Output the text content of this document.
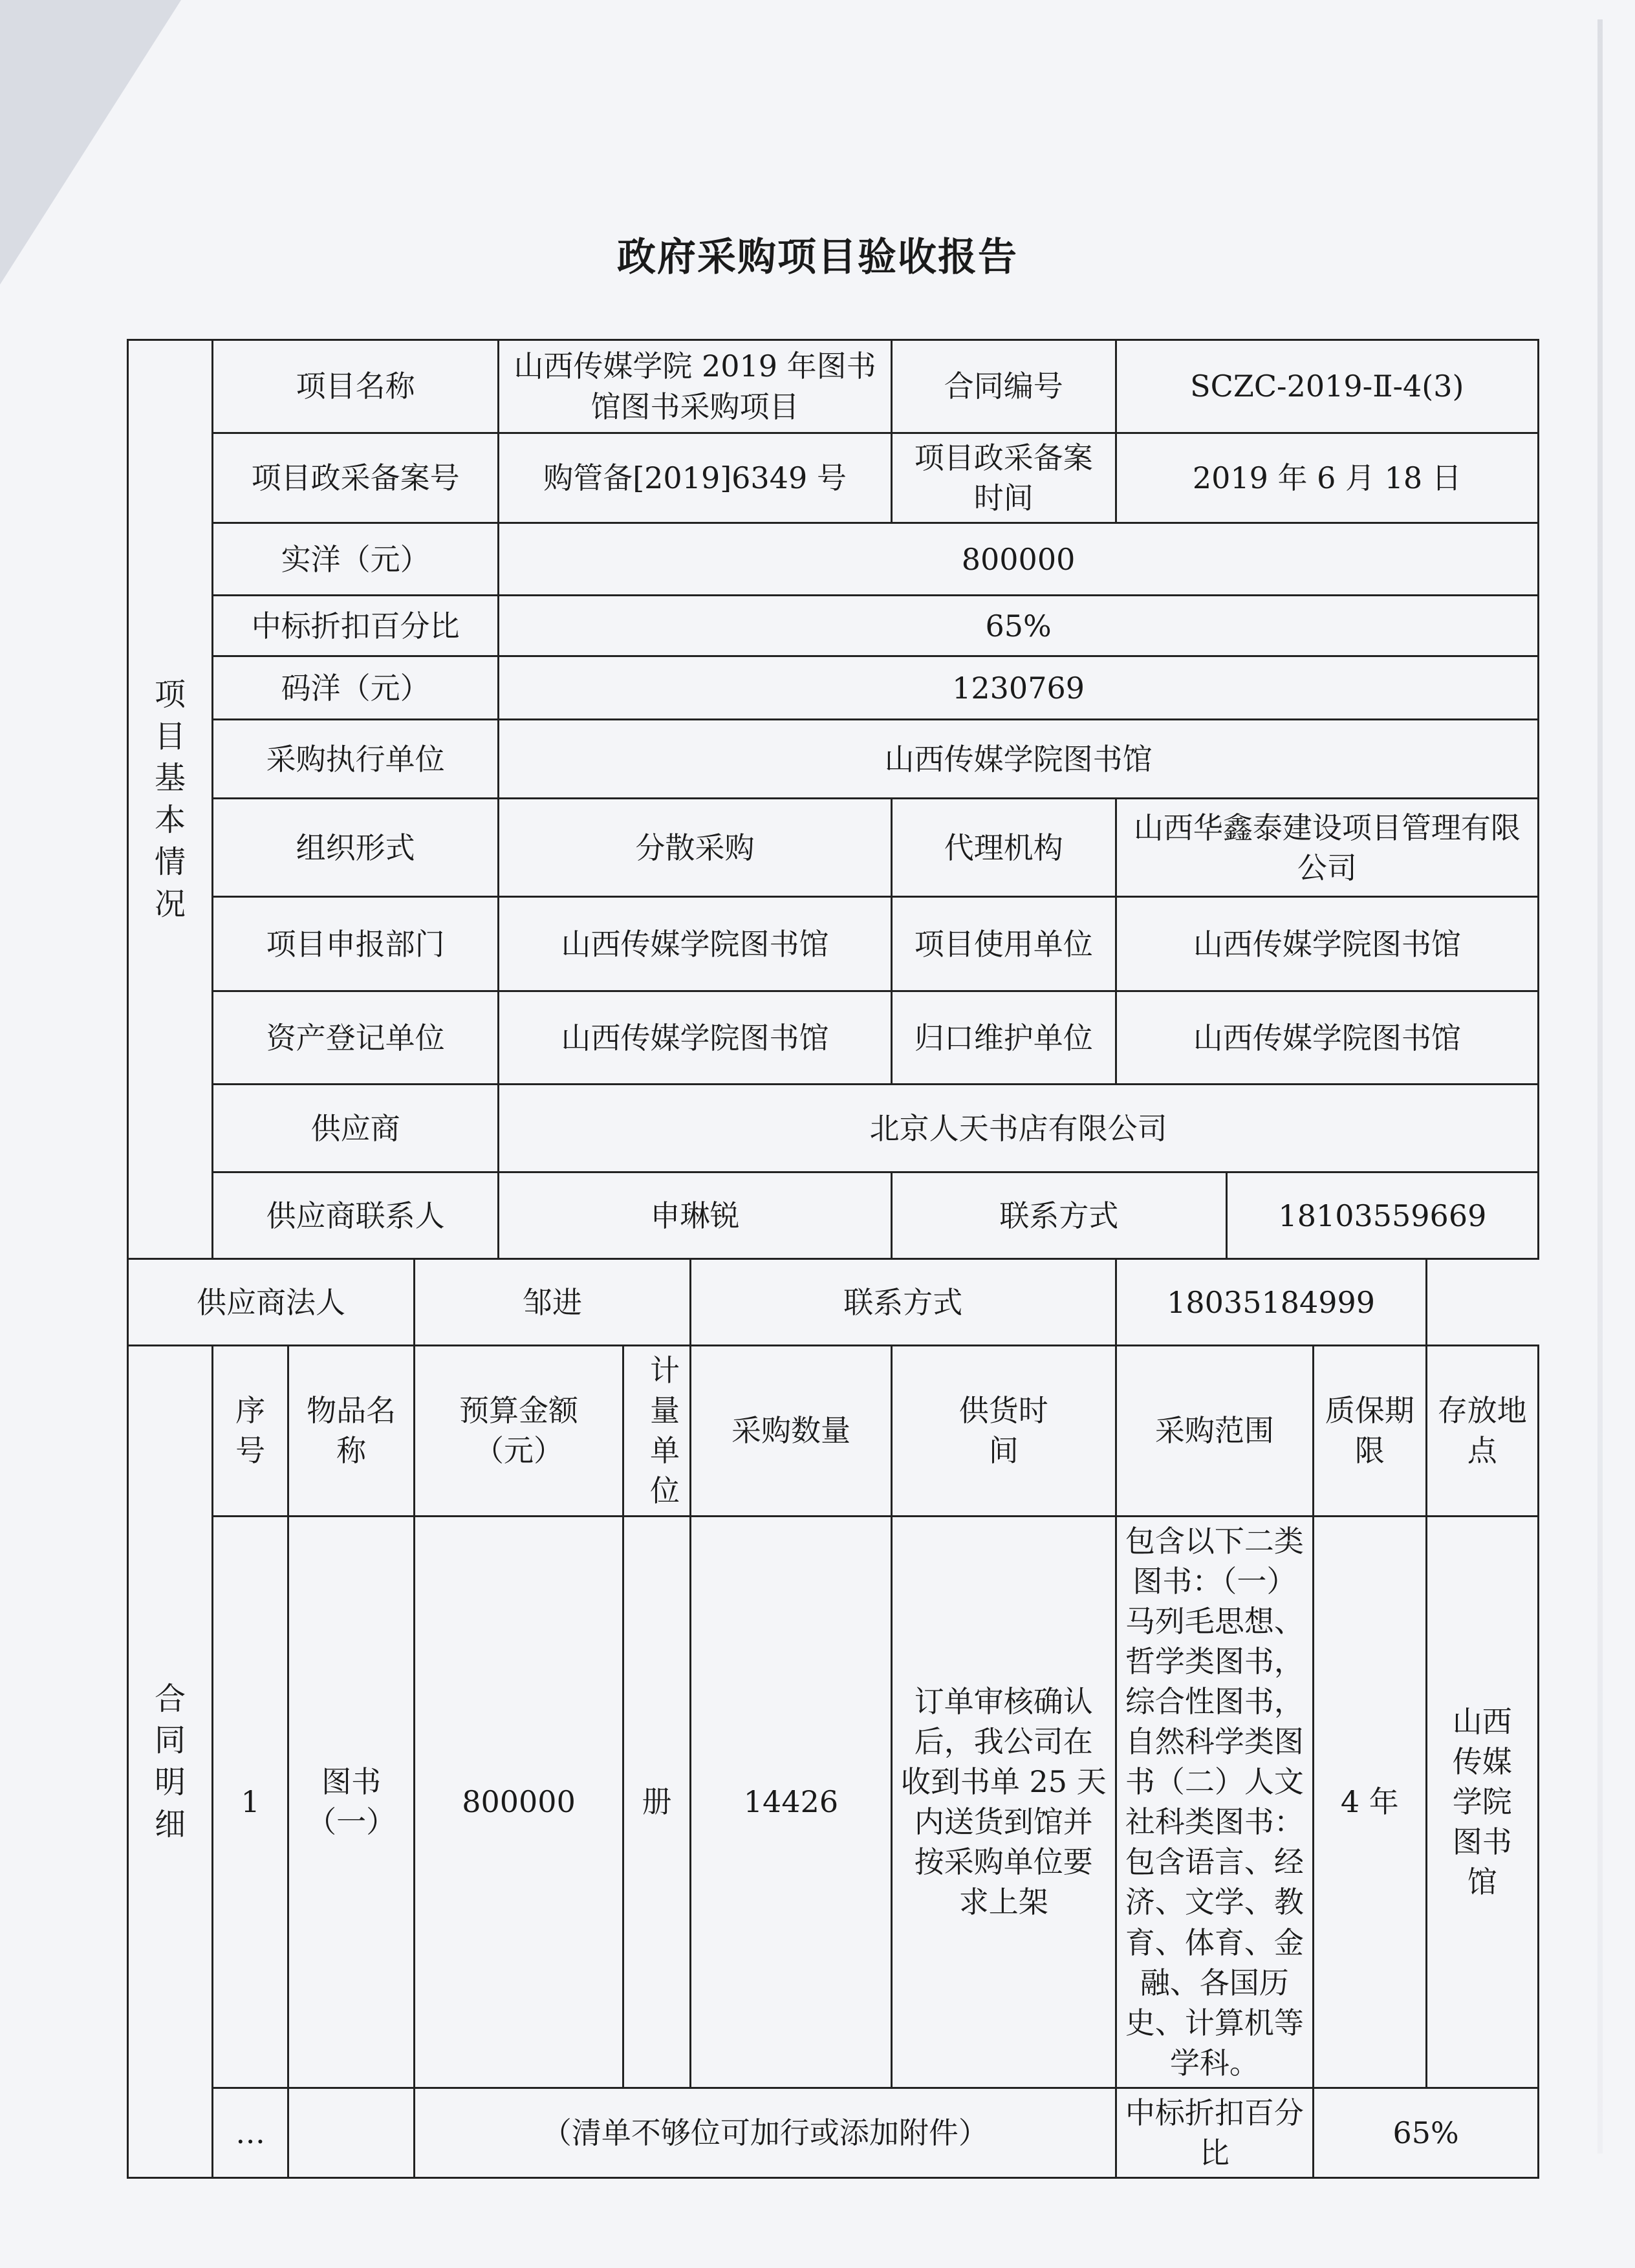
政府采购项目验收报告
项目基本情况	项目名称			山西传媒学院 2019 年图书馆图书采购项目			合同编号	SCZC-2019-Ⅱ-4(3)			
	项目政采备案号			购管备[2019]6349 号			项目政采备案时间	2019 年 6 月 18 日			
	实洋（元）			800000							
	中标折扣百分比			65%							
	码洋（元）			1230769							
	采购执行单位			山西传媒学院图书馆							
	组织形式			分散采购			代理机构	山西华鑫泰建设项目管理有限公司			
	项目申报部门			山西传媒学院图书馆			项目使用单位	山西传媒学院图书馆			
	资产登记单位			山西传媒学院图书馆			归口维护单位	山西传媒学院图书馆			
	供应商			北京人天书店有限公司							
	供应商联系人			申琳锐			联系方式		18103559669		
供应商法人			邹进			联系方式		18035184999			
合同明细	序号	物品名称	预算金额（元）		计量单位	采购数量	供货时间	采购范围		质保期限	存放地点
	1	图书（一）	800000		册	14426	订单审核确认后，我公司在收到书单 25 天内送货到馆并按采购单位要求上架	包含以下二类图书：（一）马列毛思想、哲学类图书，综合性图书，自然科学类图书（二）人文社科类图书：包含语言、经济、文学、教育、体育、金融、各国历史、计算机等学科。		4 年	山西传媒学院图书馆
	…		（清单不够位可加行或添加附件）					中标折扣百分比		65%	
